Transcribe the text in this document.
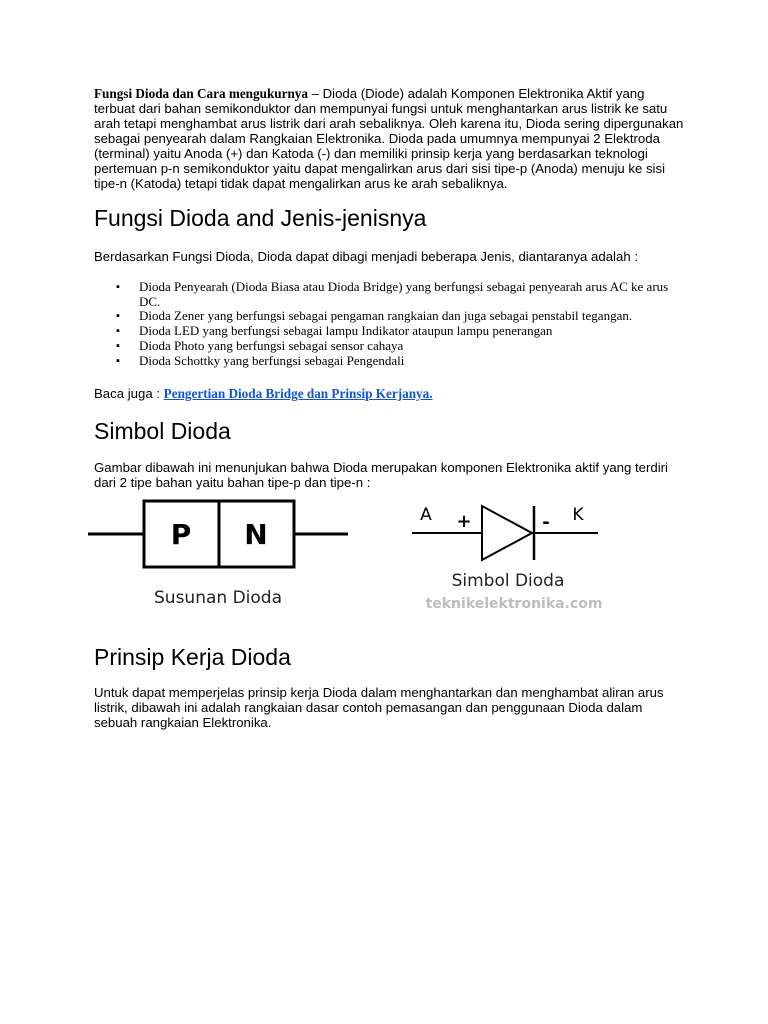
Fungsi Dioda dan Cara mengukurnya – Dioda (Diode) adalah Komponen Elektronika Aktif yang terbuat dari bahan semikonduktor dan mempunyai fungsi untuk menghantarkan arus listrik ke satu arah tetapi menghambat arus listrik dari arah sebaliknya. Oleh karena itu, Dioda sering dipergunakan sebagai penyearah dalam Rangkaian Elektronika. Dioda pada umumnya mempunyai 2 Elektroda (terminal) yaitu Anoda (+) dan Katoda (-) dan memiliki prinsip kerja yang berdasarkan teknologi pertemuan p-n semikonduktor yaitu dapat mengalirkan arus dari sisi tipe-p (Anoda) menuju ke sisi tipe-n (Katoda) tetapi tidak dapat mengalirkan arus ke arah sebaliknya.

Fungsi Dioda and Jenis-jenisnya

Berdasarkan Fungsi Dioda, Dioda dapat dibagi menjadi beberapa Jenis, diantaranya adalah :

▪ Dioda Penyearah (Dioda Biasa atau Dioda Bridge) yang berfungsi sebagai penyearah arus AC ke arus DC.
▪ Dioda Zener yang berfungsi sebagai pengaman rangkaian dan juga sebagai penstabil tegangan.
▪ Dioda LED yang berfungsi sebagai lampu Indikator ataupun lampu penerangan
▪ Dioda Photo yang berfungsi sebagai sensor cahaya
▪ Dioda Schottky yang berfungsi sebagai Pengendali

Baca juga : Pengertian Dioda Bridge dan Prinsip Kerjanya.

Simbol Dioda

Gambar dibawah ini menunjukan bahwa Dioda merupakan komponen Elektronika aktif yang terdiri dari 2 tipe bahan yaitu bahan tipe-p dan tipe-n :

P N
Susunan Dioda
A +	- K
Simbol Dioda
teknikelektronika.com
Prinsip Kerja Dioda

Untuk dapat memperjelas prinsip kerja Dioda dalam menghantarkan dan menghambat aliran arus listrik, dibawah ini adalah rangkaian dasar contoh pemasangan dan penggunaan Dioda dalam sebuah rangkaian Elektronika.
